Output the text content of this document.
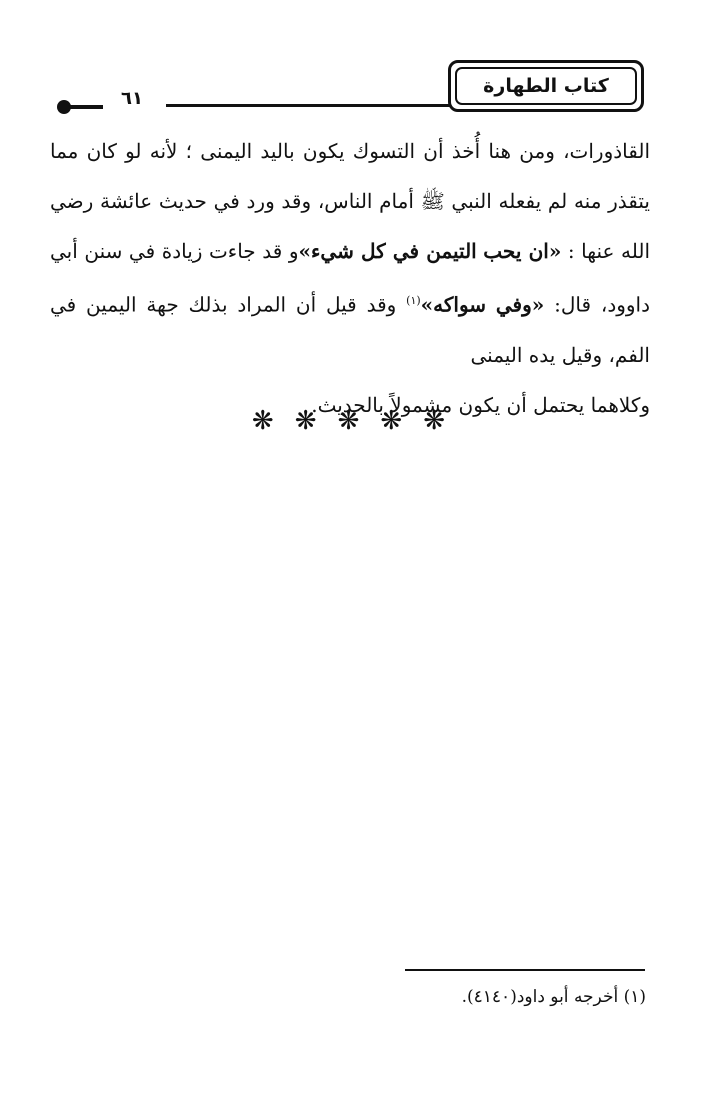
كتاب الطهارة
٦١

القاذورات، ومن هنا أُخذ أن التسوك يكون باليد اليمنى ؛ لأنه لو كان مما يتقذر منه لم يفعله النبي ﷺ أمام الناس، وقد ورد في حديث عائشة رضي الله عنها : «ان يحب التيمن في كل شيء»و قد جاءت زيادة في سنن أبي داوود، قال: «وفي سواكه»$^{(١)}$ وقد قيل أن المراد بذلك جهة اليمين في الفم، وقيل يده اليمنى

وكلاهما يحتمل أن يكون مشمولاً بالحديث.

❋ ❋ ❋ ❋ ❋
(١) أخرجه أبو داود(٤١٤٠).
